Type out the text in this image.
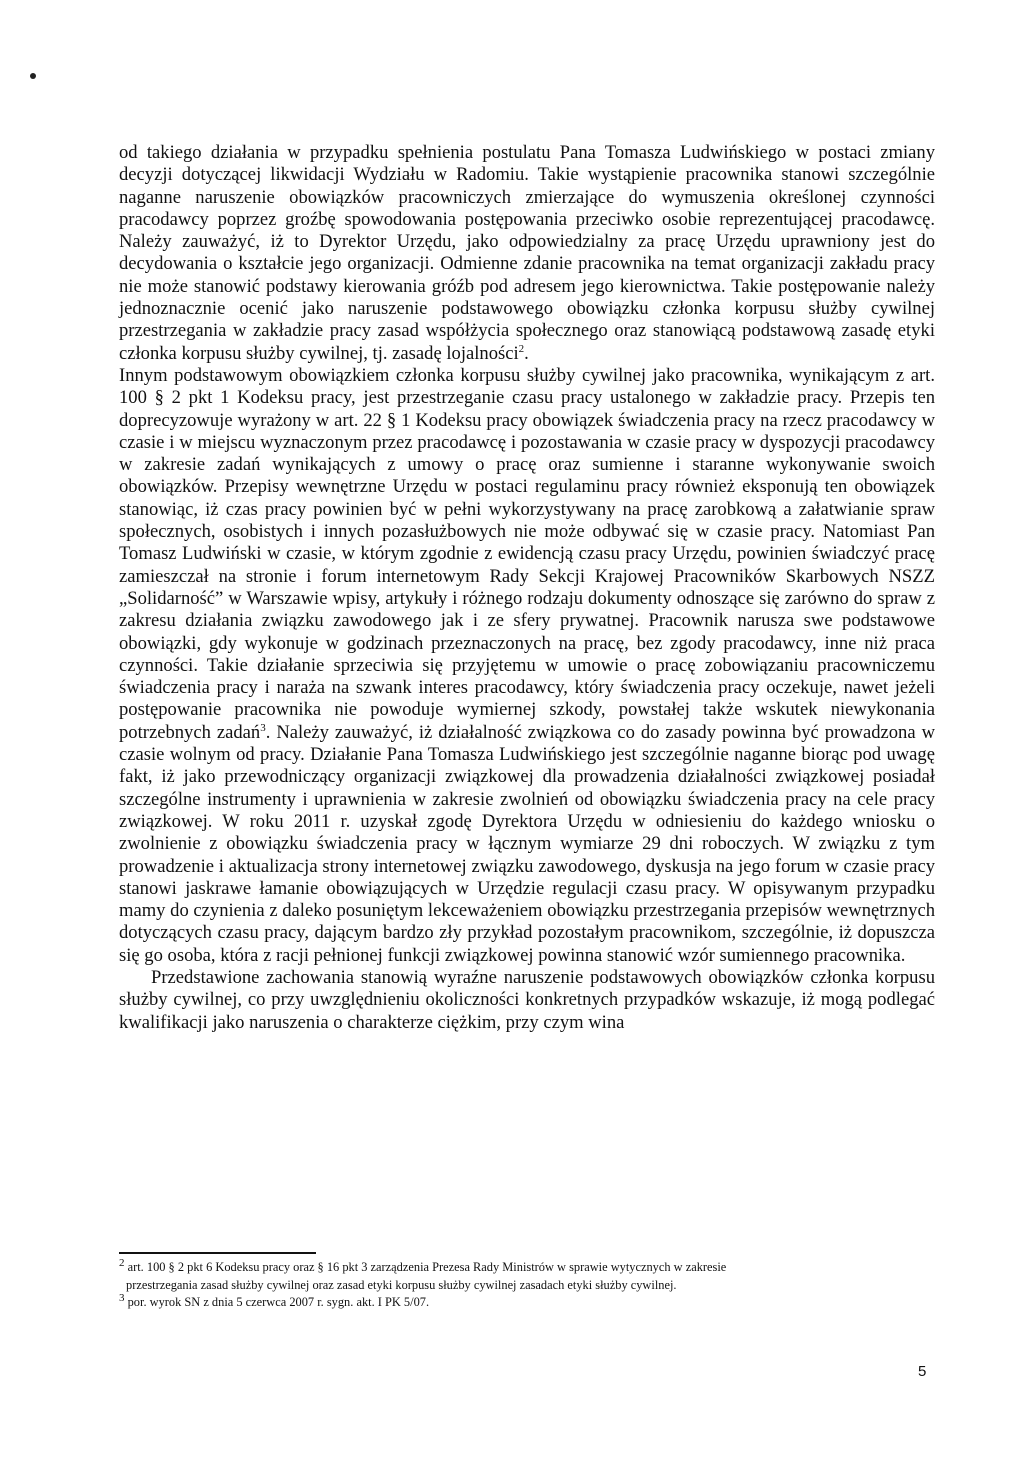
od takiego działania w przypadku spełnienia postulatu Pana Tomasza Ludwińskiego w postaci zmiany decyzji dotyczącej likwidacji Wydziału w Radomiu. Takie wystąpienie pracownika stanowi szczególnie naganne naruszenie obowiązków pracowniczych zmierzające do wymuszenia określonej czynności pracodawcy poprzez groźbę spowodowania postępowania przeciwko osobie reprezentującej pracodawcę. Należy zauważyć, iż to Dyrektor Urzędu, jako odpowiedzialny za pracę Urzędu uprawniony jest do decydowania o kształcie jego organizacji. Odmienne zdanie pracownika na temat organizacji zakładu pracy nie może stanowić podstawy kierowania gróźb pod adresem jego kierownictwa. Takie postępowanie należy jednoznacznie ocenić jako naruszenie podstawowego obowiązku członka korpusu służby cywilnej przestrzegania w zakładzie pracy zasad współżycia społecznego oraz stanowiącą podstawową zasadę etyki członka korpusu służby cywilnej, tj. zasadę lojalności$^2$.

Innym podstawowym obowiązkiem członka korpusu służby cywilnej jako pracownika, wynikającym z art. 100 § 2 pkt 1 Kodeksu pracy, jest przestrzeganie czasu pracy ustalonego w zakładzie pracy. Przepis ten doprecyzowuje wyrażony w art. 22 § 1 Kodeksu pracy obowiązek świadczenia pracy na rzecz pracodawcy w czasie i w miejscu wyznaczonym przez pracodawcę i pozostawania w czasie pracy w dyspozycji pracodawcy w zakresie zadań wynikających z umowy o pracę oraz sumienne i staranne wykonywanie swoich obowiązków. Przepisy wewnętrzne Urzędu w postaci regulaminu pracy również eksponują ten obowiązek stanowiąc, iż czas pracy powinien być w pełni wykorzystywany na pracę zarobkową a załatwianie spraw społecznych, osobistych i innych pozasłużbowych nie może odbywać się w czasie pracy. Natomiast Pan Tomasz Ludwiński w czasie, w którym zgodnie z ewidencją czasu pracy Urzędu, powinien świadczyć pracę zamieszczał na stronie i forum internetowym Rady Sekcji Krajowej Pracowników Skarbowych NSZZ „Solidarność” w Warszawie wpisy, artykuły i różnego rodzaju dokumenty odnoszące się zarówno do spraw z zakresu działania związku zawodowego jak i ze sfery prywatnej. Pracownik narusza swe podstawowe obowiązki, gdy wykonuje w godzinach przeznaczonych na pracę, bez zgody pracodawcy, inne niż praca czynności. Takie działanie sprzeciwia się przyjętemu w umowie o pracę zobowiązaniu pracowniczemu świadczenia pracy i naraża na szwank interes pracodawcy, który świadczenia pracy oczekuje, nawet jeżeli postępowanie pracownika nie powoduje wymiernej szkody, powstałej także wskutek niewykonania potrzebnych zadań$^3$. Należy zauważyć, iż działalność związkowa co do zasady powinna być prowadzona w czasie wolnym od pracy. Działanie Pana Tomasza Ludwińskiego jest szczególnie naganne biorąc pod uwagę fakt, iż jako przewodniczący organizacji związkowej dla prowadzenia działalności związkowej posiadał szczególne instrumenty i uprawnienia w zakresie zwolnień od obowiązku świadczenia pracy na cele pracy związkowej. W roku 2011 r. uzyskał zgodę Dyrektora Urzędu w odniesieniu do każdego wniosku o zwolnienie z obowiązku świadczenia pracy w łącznym wymiarze 29 dni roboczych. W związku z tym prowadzenie i aktualizacja strony internetowej związku zawodowego, dyskusja na jego forum w czasie pracy stanowi jaskrawe łamanie obowiązujących w Urzędzie regulacji czasu pracy. W opisywanym przypadku mamy do czynienia z daleko posuniętym lekceważeniem obowiązku przestrzegania przepisów wewnętrznych dotyczących czasu pracy, dającym bardzo zły przykład pozostałym pracownikom, szczególnie, iż dopuszcza się go osoba, która z racji pełnionej funkcji związkowej powinna stanowić wzór sumiennego pracownika.

Przedstawione zachowania stanowią wyraźne naruszenie podstawowych obowiązków członka korpusu służby cywilnej, co przy uwzględnieniu okoliczności konkretnych przypadków wskazuje, iż mogą podlegać kwalifikacji jako naruszenia o charakterze ciężkim, przy czym wina

$^2$ art. 100 § 2 pkt 6 Kodeksu pracy oraz § 16 pkt 3 zarządzenia Prezesa Rady Ministrów w sprawie wytycznych w zakresie
przestrzegania zasad służby cywilnej oraz zasad etyki korpusu służby cywilnej zasadach etyki służby cywilnej.

$^3$ por. wyrok SN z dnia 5 czerwca 2007 r. sygn. akt. I PK 5/07.

5
